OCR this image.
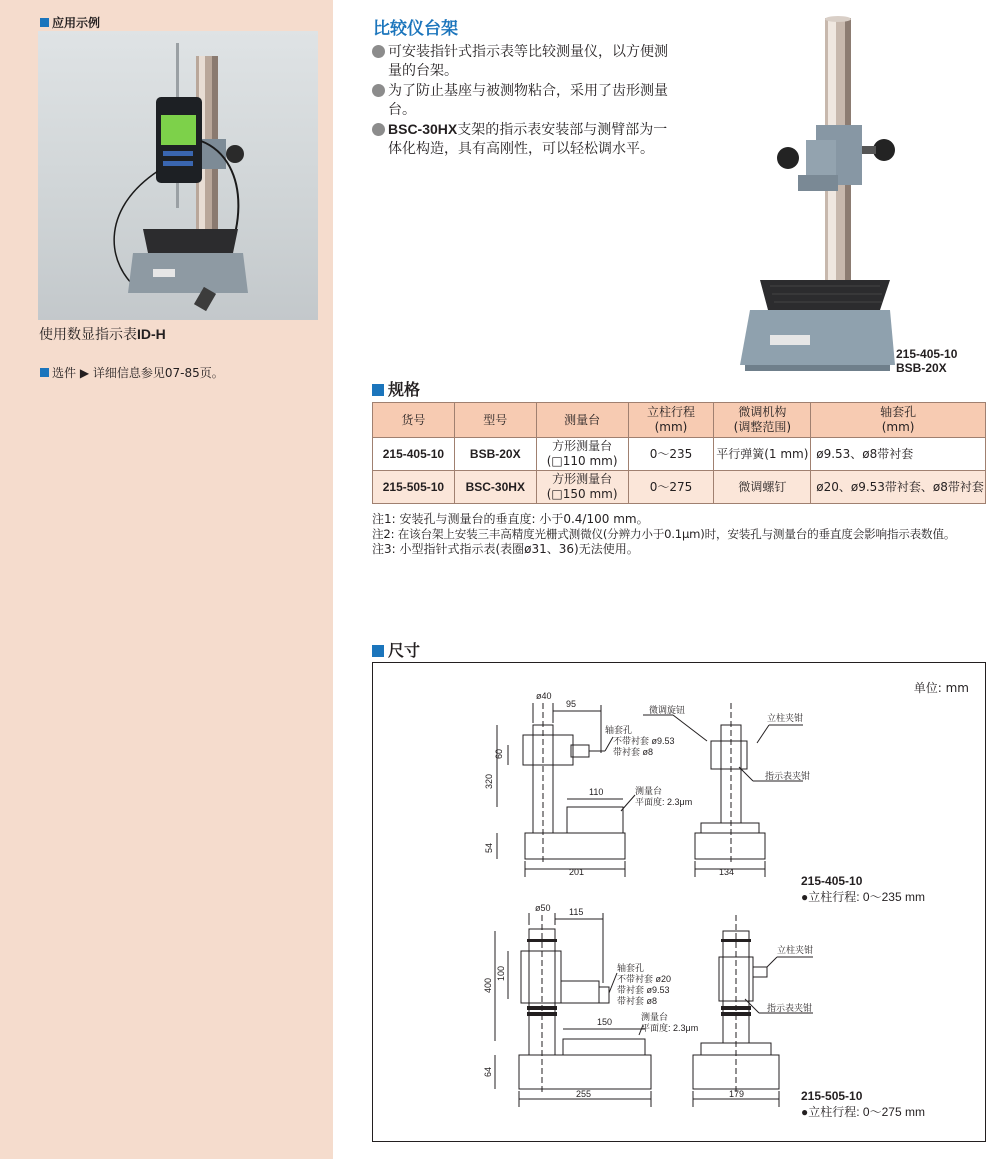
应用示例
使用数显指示表ID-H
选件 ▶ 详细信息参见07-85页。
比较仪台架
可安装指针式指示表等比较测量仪，以方便测量的台架。
为了防止基座与被测物粘合，采用了齿形测量台。
BSC-30HX支架的指示表安装部与测臂部为一体化构造，具有高刚性，可以轻松调水平。
215-405-10
BSB-20X
规格
货号	型号	测量台	立柱行程
(mm)	微调机构
(调整范围)	轴套孔
(mm)
215-405-10	BSB-20X	方形测量台
(□110 mm)	0～235	平行弹簧(1 mm)	ø9.53、ø8带衬套
215-505-10	BSC-30HX	方形测量台
(□150 mm)	0～275	微调螺钉	ø20、ø9.53带衬套、ø8带衬套
注1: 安装孔与测量台的垂直度: 小于0.4/100 mm。
注2: 在该台架上安装三丰高精度光栅式测微仪(分辨力小于0.1μm)时，安装孔与测量台的垂直度会影响指示表数值。
注3: 小型指针式指示表(表圈ø31、36)无法使用。
尺寸
单位: mm
ø40
95
60
320
54
110
201	134
轴套孔
不带衬套 ø9.53
带衬套 ø8
测量台
平面度: 2.3μm
微调旋钮
立柱夹钳
指示表夹钳
ø50 115
100
400
64
150
255	179
轴套孔
不带衬套 ø20
带衬套 ø9.53
带衬套 ø8
测量台
平面度: 2.3μm
立柱夹钳
指示表夹钳
215-405-10
●立柱行程: 0～235 mm
215-505-10
●立柱行程: 0～275 mm
